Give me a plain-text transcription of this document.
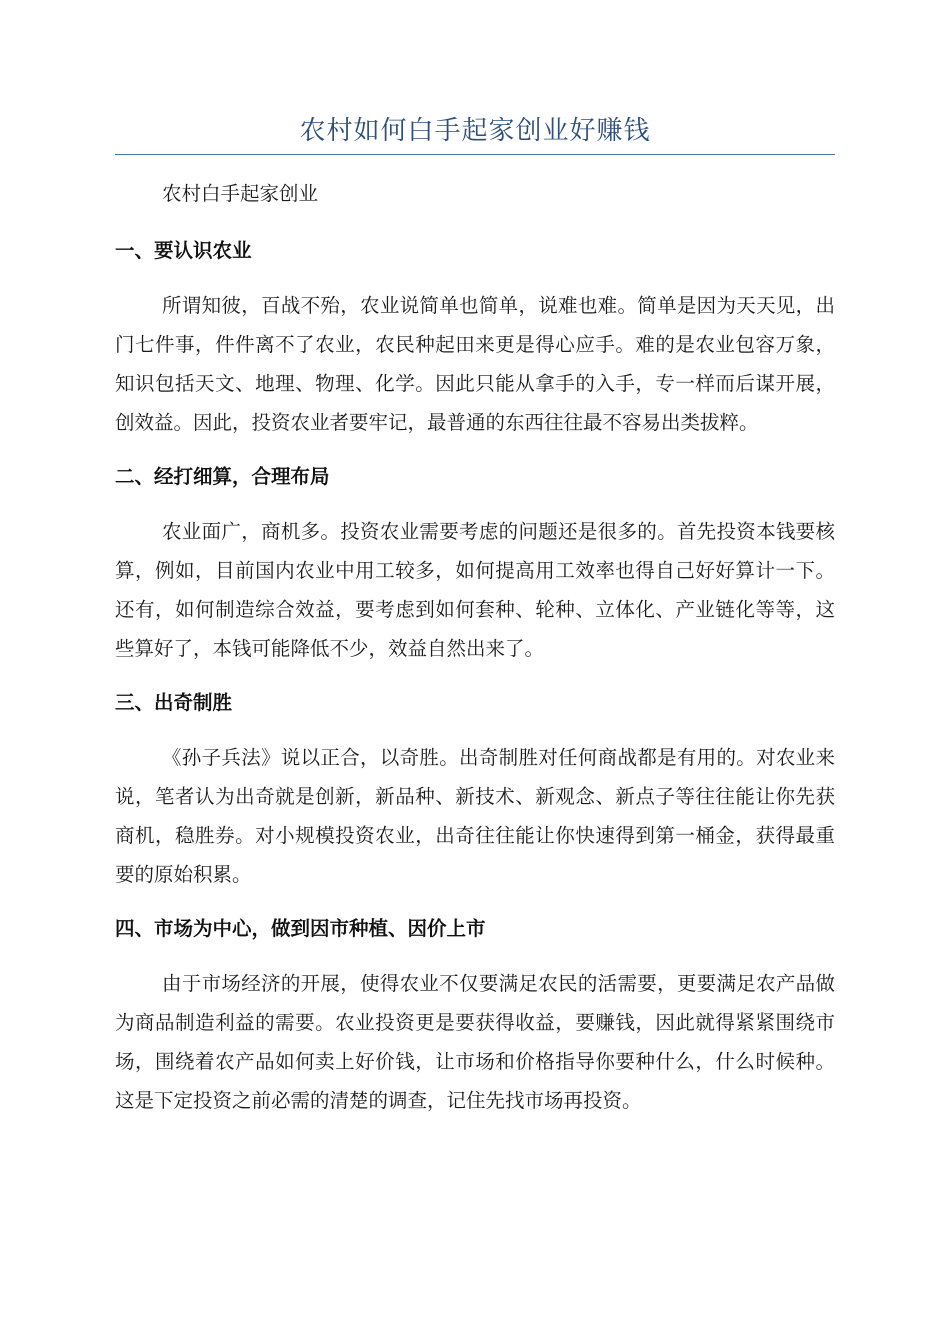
农村如何白手起家创业好赚钱

农村白手起家创业

一、要认识农业

所谓知彼，百战不殆，农业说简单也简单，说难也难。简单是因为天天见，出门七件事，件件离不了农业，农民种起田来更是得心应手。难的是农业包容万象，知识包括天文、地理、物理、化学。因此只能从拿手的入手，专一样而后谋开展，创效益。因此，投资农业者要牢记，最普通的东西往往最不容易出类拔粹。

二、经打细算，合理布局

农业面广，商机多。投资农业需要考虑的问题还是很多的。首先投资本钱要核算，例如，目前国内农业中用工较多，如何提高用工效率也得自己好好算计一下。还有，如何制造综合效益，要考虑到如何套种、轮种、立体化、产业链化等等，这些算好了，本钱可能降低不少，效益自然出来了。

三、出奇制胜

《孙子兵法》说以正合，以奇胜。出奇制胜对任何商战都是有用的。对农业来说，笔者认为出奇就是创新，新品种、新技术、新观念、新点子等往往能让你先获商机，稳胜券。对小规模投资农业，出奇往往能让你快速得到第一桶金，获得最重要的原始积累。

四、市场为中心，做到因市种植、因价上市

由于市场经济的开展，使得农业不仅要满足农民的活需要，更要满足农产品做为商品制造利益的需要。农业投资更是要获得收益，要赚钱，因此就得紧紧围绕市场，围绕着农产品如何卖上好价钱，让市场和价格指导你要种什么，什么时候种。这是下定投资之前必需的清楚的调查，记住先找市场再投资。
